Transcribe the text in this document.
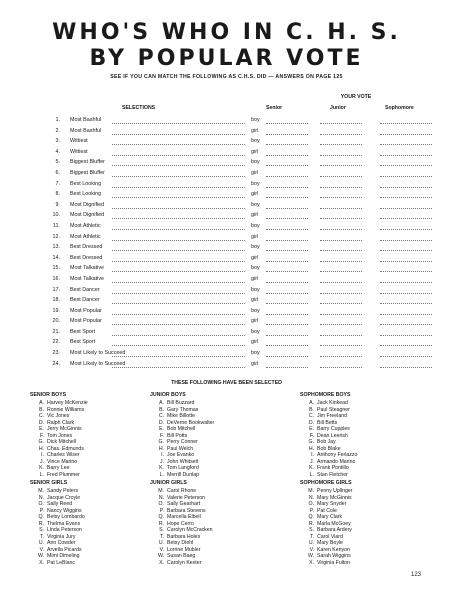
WHO'S WHO IN C. H. S.
BY POPULAR VOTE
SEE IF YOU CAN MATCH THE FOLLOWING AS C.H.S. DID — ANSWERS ON PAGE 125
YOUR VOTE
SELECTIONS	Senior	Junior	Sophomore
1. Most Bashful	boy
2. Most Bashful	girl
3. Wittiest	boy
4. Wittiest	girl
5. Biggest Bluffer	boy
6. Biggest Bluffer	girl
7. Best Looking	boy
8. Best Looking	girl
9. Most Dignified	boy
10. Most Dignified	girl
11. Most Athletic	boy
12. Most Athletic	girl
13. Best Dressed	boy
14. Best Dressed	girl
15. Most Talkative	boy
16. Most Talkative	girl
17. Best Dancer	boy
18. Best Dancer	girl
19. Most Popular	boy
20. Most Popular	girl
21. Best Sport	boy
22. Best Sport	girl
23. Most Likely to Succeed	boy
24. Most Likely to Succeed	girl
THESE FOLLOWING HAVE BEEN SELECTED
SENIOR BOYS
A. Harvey McKenzie
B. Ronnie Williams
C. Vic Jones
D. Ralph Clark
E. Jerry McGinnis
F. Tom Jones
G. Dick Mitchell
H. Chas. Edmunds
I. Charles Wiser
J. Vince Marino
K. Barry Lee
L. Fred Plummer
JUNIOR BOYS
A. Bill Buzzard
B. Gary Thomas
C. Mike Billotte
D. DeVerne Bookwalter
E. Bob Mitchell
F. Bill Potts
G. Perry Conner
H. Paul Welch
I. Joe Evanko
J. John Whitsett
K. Tom Langford
L. Merrill Dunlap
SOPHOMORE BOYS
A. Jack Kinkead
B. Paul Steagner
C. Jim Freeland
D. Bill Betts
E. Barry Cupples
F. Dean Leerish
G. Bob Jay
H. Bob Blake
I. Anthony Ferlazzo
J. Armando Marino
K. Frank Pontillo
L. Stan Fletcher
SENIOR GIRLS
M. Sandy Peters
N. Jacque Croyle
O. Sally Reed
P. Nancy Wiggins
Q. Betsy Lombardo
R. Thelma Evans
S. Linda Peterson
T. Virginia Jury
U. Ann Cowder
V. Arvella Picards
W. Mimi Dimeling
X. Pat LeBlanc
JUNIOR GIRLS
M. Carol Rhone
N. Valerie Peterson
O. Sally Gearhart
P. Barbara Stevens
Q. Marcella Elbell
R. Hope Cerro
S. Carolyn McCracken
T. Barbara Holes
U. Betsy Diehl
V. Lorrine Mubler
W. Susan Baeg
X. Carolyn Kester
SOPHOMORE GIRLS
M. Penny Upllnger
N. Mary McGinnis
O. Mary Snyder
P. Pat Cole
Q. Mary Clark
R. Marla McGoey
S. Barbara Ardery
T. Carol Viard
U. Mary Boyle
V. Karen Kenyon
W. Sarah Wiggins
X. Virginia Fulton
123
